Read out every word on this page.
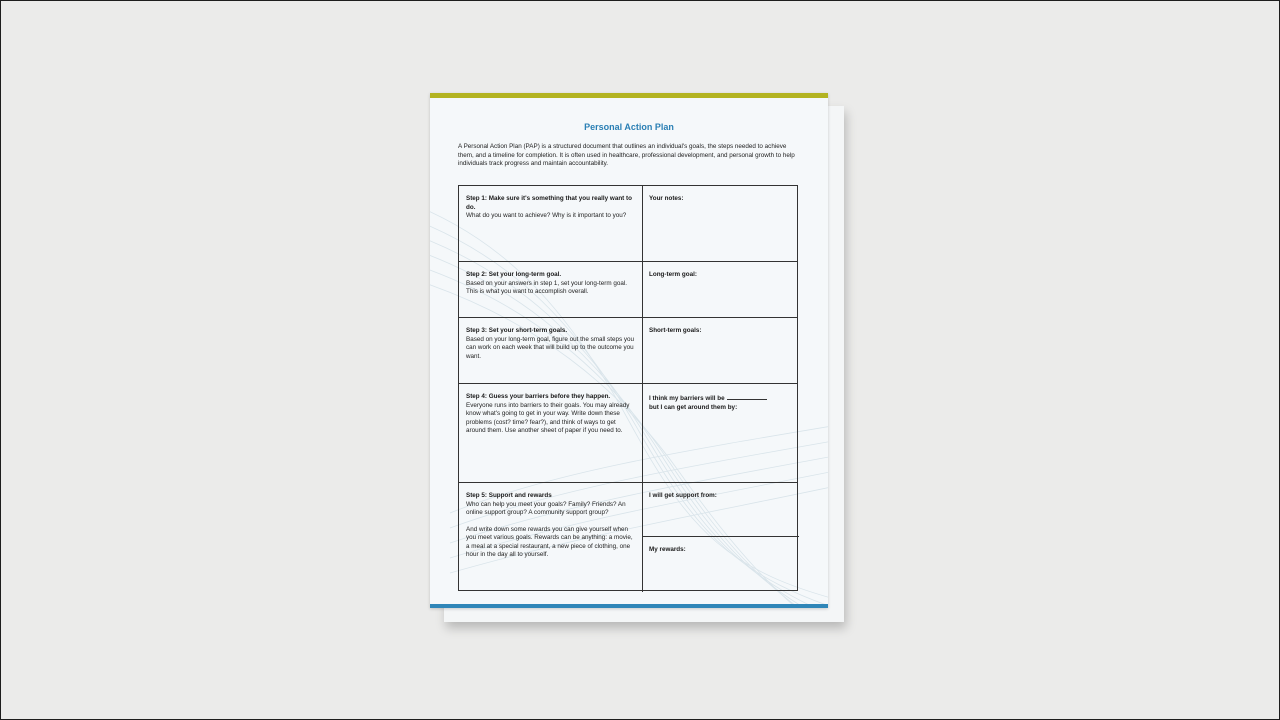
Personal Action Plan
A Personal Action Plan (PAP) is a structured document that outlines an individual's goals, the steps needed to achieve them, and a timeline for completion. It is often used in healthcare, professional development, and personal growth to help individuals track progress and maintain accountability.
Step 1: Make sure it's something that you really want to do.
What do you want to achieve? Why is it important to you?
Your notes:
Step 2: Set your long-term goal.
Based on your answers in step 1, set your long-term goal. This is what you want to accomplish overall.
Long-term goal:
Step 3: Set your short-term goals.
Based on your long-term goal, figure out the small steps you can work on each week that will build up to the outcome you want.
Short-term goals:
Step 4: Guess your barriers before they happen.
Everyone runs into barriers to their goals. You may already know what's going to get in your way. Write down these problems (cost? time? fear?), and think of ways to get around them. Use another sheet of paper if you need to.
I think my barriers will be
but I can get around them by:
Step 5: Support and rewards
Who can help you meet your goals? Family? Friends? An online support group? A community support group?
And write down some rewards you can give yourself when you meet various goals. Rewards can be anything: a movie, a meal at a special restaurant, a new piece of clothing, one hour in the day all to yourself.
I will get support from:
My rewards:
